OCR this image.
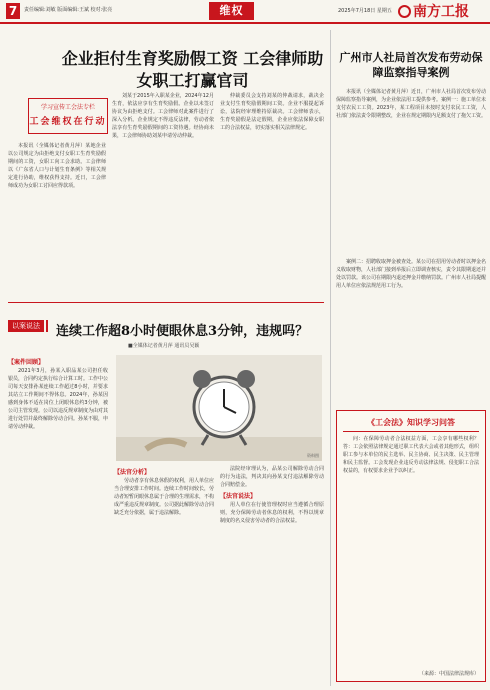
7	责任编辑:刘敏 版面编辑:王斌 校对:张亮	维权	2025年7月18日 星期五	南方工报
企业拒付生育奖励假工资 工会律师助女职工打赢官司
学习宣传工会法专栏
工会维权在行动

本报讯（全媒体记者黄月萍）某地企业以公司规定为由拒绝支付女职工生育奖励假期间的工资，女职工向工会求助。工会律师以《广东省人口与计划生育条例》等相关规定进行协助，维权获得支持。近日，工会律师成功为女职工讨回应得款项。

刘某于2015年入职某企业，2024年12月生育，依法应享有生育奖励假。企业以未签订协议为由拒绝支付。工会律师对此案件进行了深入分析。企业规定不得违反法律，劳动者依法享有生育奖励假期间的工资待遇。经协商未果，工会律师协助刘某申请劳动仲裁。

仲裁委员会支持刘某的仲裁请求，裁决企业支付生育奖励假期间工资。企业不服提起诉讼，法院经审理维持原裁决。工会律师表示，生育奖励假是法定假期，企业应依法保障女职工的合法权益，切实落实相关法律规定。

以案说法	连续工作超8小时便眼休息3分钟，违规吗？
■全媒体记者黄月萍 通讯员吴颖
【案件回顾】

2021年3月，孙某入职品某公司担任收银员，合同约定执行综合计算工时。工作中公司每天安排孙某连续工作超过8小时，并要求其站立工作期间不得休息。2024年，孙某因感到身体不适在岗位上闭眼休息约3分钟，被公司主管发现。公司以违反规章制度为由对其进行处罚并最终解除劳动合同。孙某不服，申请劳动仲裁。

资料图
【法官分析】

劳动者享有休息休假的权利，用人单位应当合理安排工作时间。连续工作时间较长，劳动者短暂闭眼休息属于合理的生理需求，不构成严重违反规章制度。公司据此解除劳动合同缺乏充分依据，属于违法解除。

法院经审理认为，品某公司解除劳动合同的行为违法，判决其向孙某支付违法解除劳动合同赔偿金。

【法官说法】

用人单位在行使管理权时应当遵循合理原则，充分保障劳动者休息的权利，不得以规章制度的名义侵害劳动者的合法权益。

广州市人社局首次发布劳动保障监察指导案例

本报讯（全媒体记者黄月萍）近日，广州市人社局首次发布劳动保障监察指导案例，为企业依法用工提供参考。案例一：施工单位未支付农民工工资。2023年，某工程项目未按时支付农民工工资，人社部门依法责令限期整改，企业在规定期限内足额支付了拖欠工资。

案例二：招聘收取押金被查处。某公司在招用劳动者时以押金名义收取财物，人社部门接到举报后立即调查核实，责令其限期退还并处以罚款。该公司在期限内退还押金并缴纳罚款。广州市人社局提醒用人单位应依法规范用工行为。

《工会法》知识学习问答

问：在保障劳动者合法权益方面，工会享有哪些权利？答：工会依照法律规定通过职工代表大会或者其他形式，组织职工参与本单位的民主选举、民主协商、民主决策、民主管理和民主监督。工会发现企业违反劳动法律法规、侵犯职工合法权益的，有权要求企业予以纠正。

（来源：中国法律法规库）
